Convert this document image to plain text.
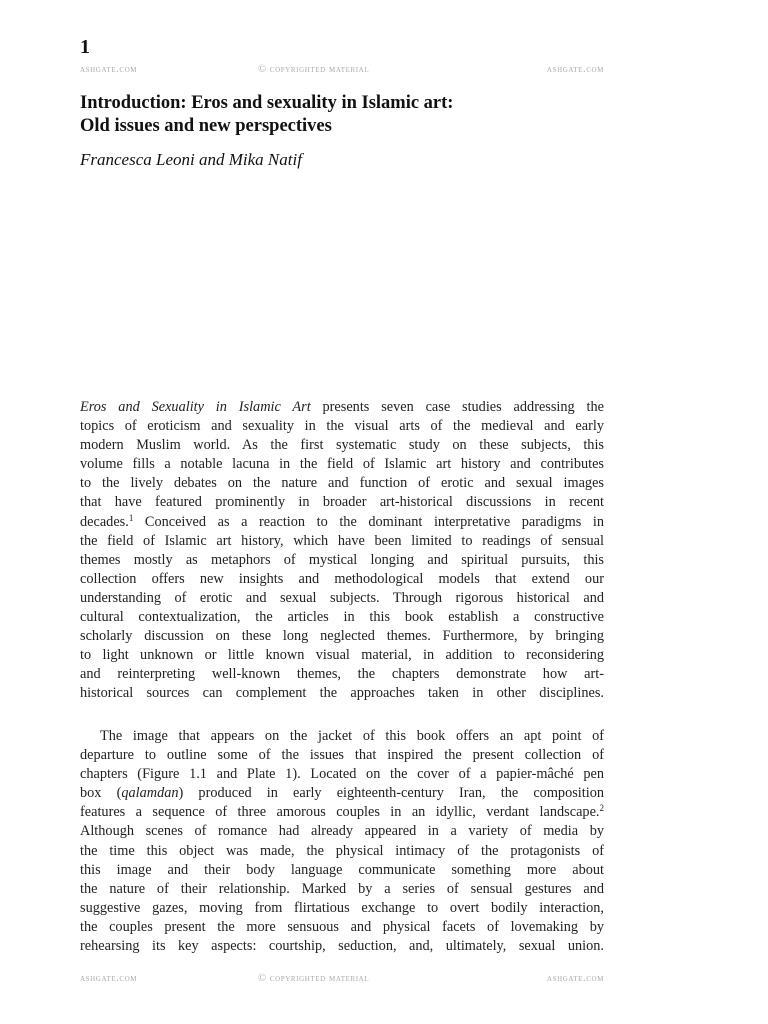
1
ashgate.com	© copyrighted material	ashgate.com
Introduction: Eros and sexuality in Islamic art:
Old issues and new perspectives
Francesca Leoni and Mika Natif

Eros and Sexuality in Islamic Art presents seven case studies addressing the
topics of eroticism and sexuality in the visual arts of the medieval and early
modern Muslim world. As the first systematic study on these subjects, this
volume fills a notable lacuna in the field of Islamic art history and contributes
to the lively debates on the nature and function of erotic and sexual images
that have featured prominently in broader art-historical discussions in recent
decades.$^1$ Conceived as a reaction to the dominant interpretative paradigms in
the field of Islamic art history, which have been limited to readings of sensual
themes mostly as metaphors of mystical longing and spiritual pursuits, this
collection offers new insights and methodological models that extend our
understanding of erotic and sexual subjects. Through rigorous historical and
cultural contextualization, the articles in this book establish a constructive
scholarly discussion on these long neglected themes. Furthermore, by bringing
to light unknown or little known visual material, in addition to reconsidering
and reinterpreting well-known themes, the chapters demonstrate how art-
historical sources can complement the approaches taken in other disciplines.

The image that appears on the jacket of this book offers an apt point of
departure to outline some of the issues that inspired the present collection of
chapters (Figure 1.1 and Plate 1). Located on the cover of a papier-mâché pen
box (qalamdan) produced in early eighteenth-century Iran, the composition
features a sequence of three amorous couples in an idyllic, verdant landscape.$^2$
Although scenes of romance had already appeared in a variety of media by
the time this object was made, the physical intimacy of the protagonists of
this image and their body language communicate something more about
the nature of their relationship. Marked by a series of sensual gestures and
suggestive gazes, moving from flirtatious exchange to overt bodily interaction,
the couples present the more sensuous and physical facets of lovemaking by
rehearsing its key aspects: courtship, seduction, and, ultimately, sexual union.

ashgate.com	© copyrighted material	ashgate.com
